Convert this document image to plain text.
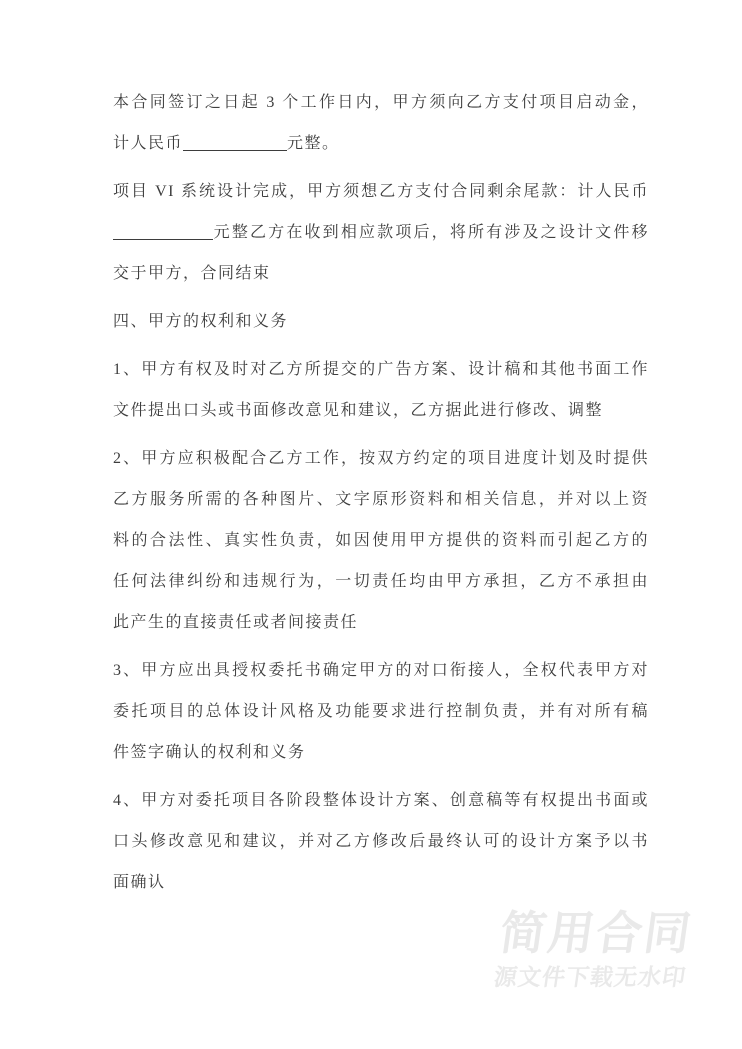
本合同签订之日起 3 个工作日内，甲方须向乙方支付项目启动金，
计人民币	元整。
项目 VI 系统设计完成，甲方须想乙方支付合同剩余尾款：计人民币
元整乙方在收到相应款项后，将所有涉及之设计文件移
交于甲方，合同结束
四、甲方的权利和义务
1、甲方有权及时对乙方所提交的广告方案、设计稿和其他书面工作
文件提出口头或书面修改意见和建议，乙方据此进行修改、调整
2、甲方应积极配合乙方工作，按双方约定的项目进度计划及时提供
乙方服务所需的各种图片、文字原形资料和相关信息，并对以上资
料的合法性、真实性负责，如因使用甲方提供的资料而引起乙方的
任何法律纠纷和违规行为，一切责任均由甲方承担，乙方不承担由
此产生的直接责任或者间接责任
3、甲方应出具授权委托书确定甲方的对口衔接人，全权代表甲方对
委托项目的总体设计风格及功能要求进行控制负责，并有对所有稿
件签字确认的权利和义务
4、甲方对委托项目各阶段整体设计方案、创意稿等有权提出书面或
口头修改意见和建议，并对乙方修改后最终认可的设计方案予以书
面确认
简用合同
源文件下载无水印
